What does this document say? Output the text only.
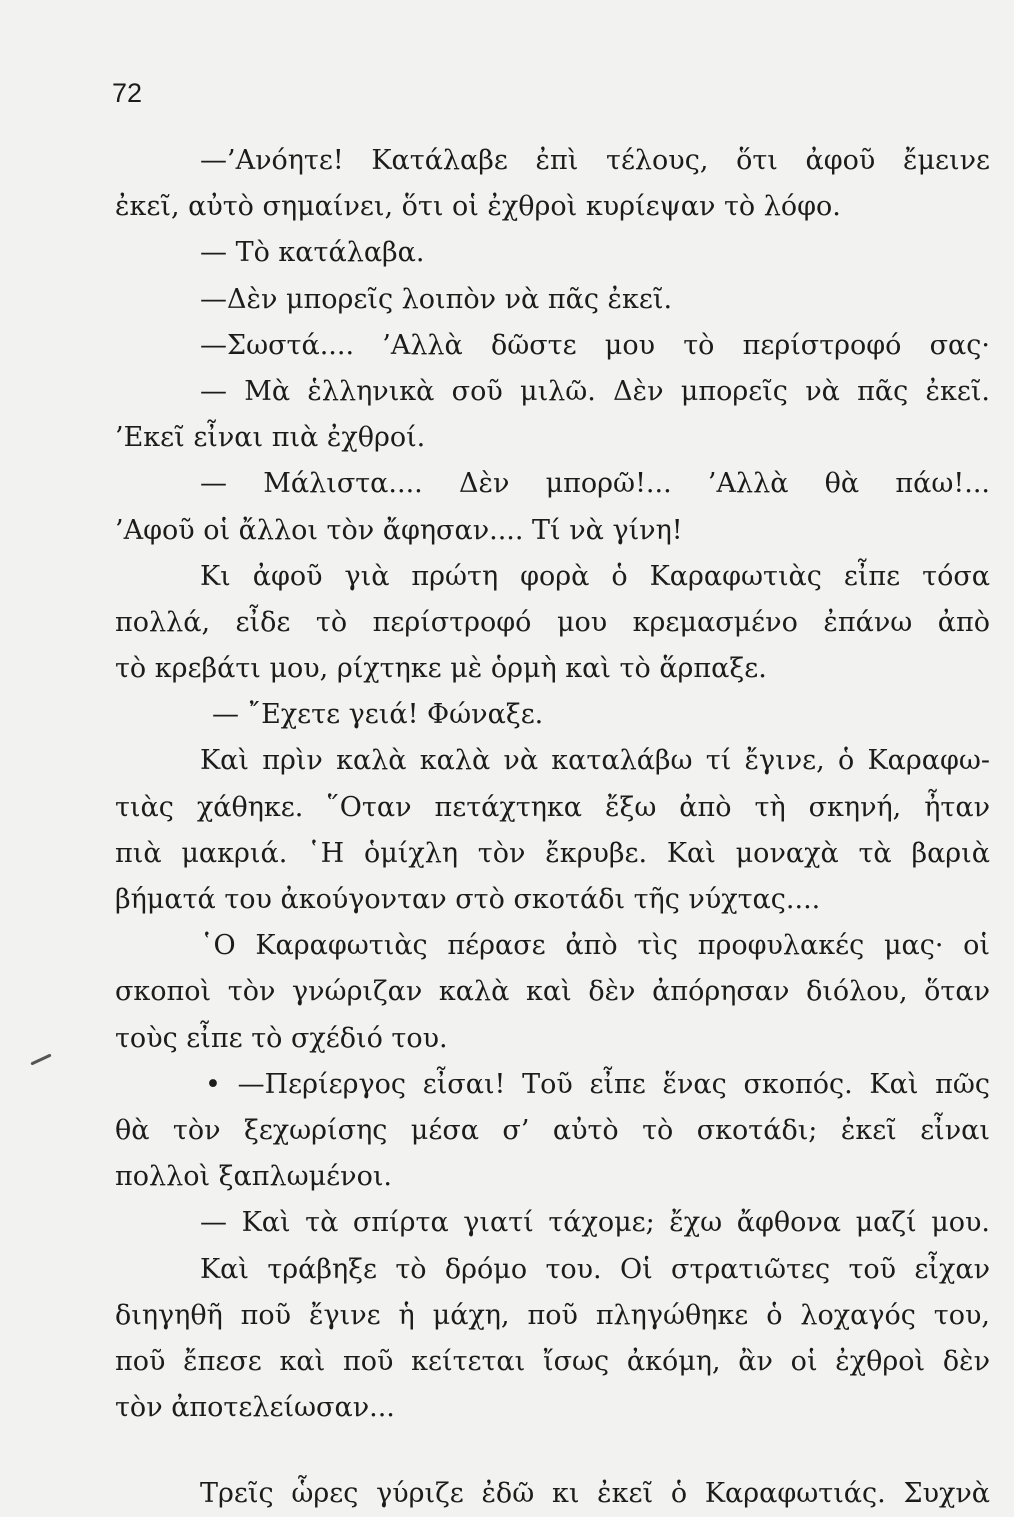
72
—’Ανόητε! Κατάλαβε ἐπὶ τέλους, ὅτι ἀφοῦ ἔμεινε
ἐκεῖ, αὐτὸ σημαίνει, ὅτι οἱ ἐχθροὶ κυρίεψαν τὸ λόφο.
— Τὸ κατάλαβα.
—Δὲν μπορεῖς λοιπὸν νὰ πᾶς ἐκεῖ.
—Σωστά.... ’Αλλὰ δῶστε μου τὸ περίστροφό σας·
— Μὰ ἑλληνικὰ σοῦ μιλῶ. Δὲν μπορεῖς νὰ πᾶς ἐκεῖ.
’Εκεῖ εἶναι πιὰ ἐχθροί.
— Μάλιστα.... Δὲν μπορῶ!... ’Αλλὰ θὰ πάω!...
’Αφοῦ οἱ ἄλλοι τὸν ἄφησαν.... Τί νὰ γίνη!
Κι ἀφοῦ γιὰ πρώτη φορὰ ὁ Καραφωτιὰς εἶπε τόσα
πολλά, εἶδε τὸ περίστροφό μου κρεμασμένο ἐπάνω ἀπὸ
τὸ κρεβάτι μου, ρίχτηκε μὲ ὁρμὴ καὶ τὸ ἅρπαξε.
— ῎Εχετε γειά! Φώναξε.
Καὶ πρὶν καλὰ καλὰ νὰ καταλάβω τί ἔγινε, ὁ Καραφω-
τιὰς χάθηκε. ῞Οταν πετάχτηκα ἔξω ἀπὸ τὴ σκηνή, ἦταν
πιὰ μακριά. ῾Η ὁμίχλη τὸν ἔκρυβε. Καὶ μοναχὰ τὰ βαριὰ
βήματά του ἀκούγονταν στὸ σκοτάδι τῆς νύχτας....
῾Ο Καραφωτιὰς πέρασε ἀπὸ τὶς προφυλακές μας· οἱ
σκοποὶ τὸν γνώριζαν καλὰ καὶ δὲν ἀπόρησαν διόλου, ὅταν
τοὺς εἶπε τὸ σχέδιό του.
• —Περίεργος εἶσαι! Τοῦ εἶπε ἕνας σκοπός. Καὶ πῶς
θὰ τὸν ξεχωρίσης μέσα σ’ αὐτὸ τὸ σκοτάδι; ἐκεῖ εἶναι
πολλοὶ ξαπλωμένοι.
— Καὶ τὰ σπίρτα γιατί τάχομε; ἔχω ἄφθονα μαζί μου.
Καὶ τράβηξε τὸ δρόμο του. Οἱ στρατιῶτες τοῦ εἶχαν
διηγηθῆ ποῦ ἔγινε ἡ μάχη, ποῦ πληγώθηκε ὁ λοχαγός του,
ποῦ ἔπεσε καὶ ποῦ κείτεται ἴσως ἀκόμη, ἂν οἱ ἐχθροὶ δὲν
τὸν ἀποτελείωσαν...
Τρεῖς ὧρες γύριζε ἐδῶ κι ἐκεῖ ὁ Καραφωτιάς. Συχνὰ
